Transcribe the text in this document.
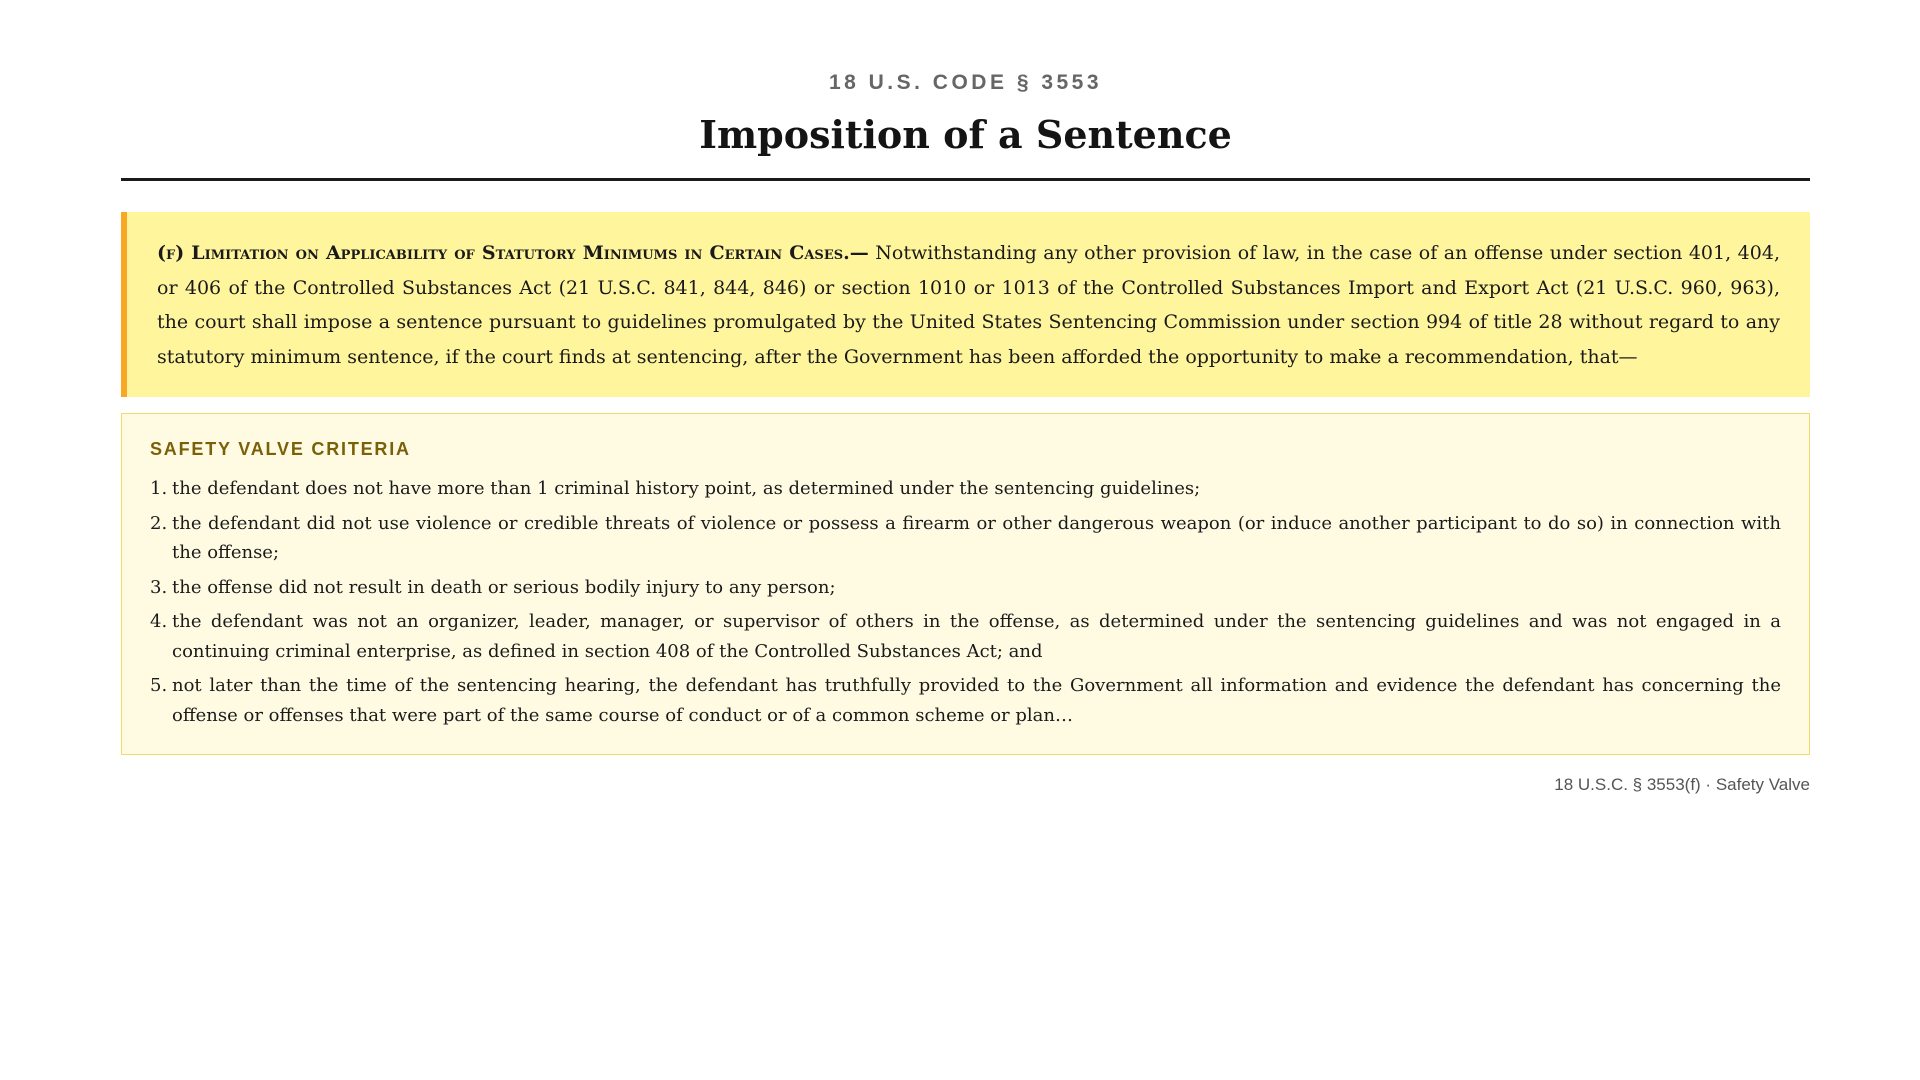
18 U.S. CODE § 3553
Imposition of a Sentence

(f) Limitation on Applicability of Statutory Minimums in Certain Cases.— Notwithstanding any other provision of law, in the case of an offense under section 401, 404, or 406 of the Controlled Substances Act (21 U.S.C. 841, 844, 846) or section 1010 or 1013 of the Controlled Substances Import and Export Act (21 U.S.C. 960, 963), the court shall impose a sentence pursuant to guidelines promulgated by the United States Sentencing Commission under section 994 of title 28 without regard to any statutory minimum sentence, if the court finds at sentencing, after the Government has been afforded the opportunity to make a recommendation, that—

SAFETY VALVE CRITERIA
1. the defendant does not have more than 1 criminal history point, as determined under the sentencing guidelines;
2. the defendant did not use violence or credible threats of violence or possess a firearm or other dangerous weapon (or induce another participant to do so) in connection with the offense;
3. the offense did not result in death or serious bodily injury to any person;
4. the defendant was not an organizer, leader, manager, or supervisor of others in the offense, as determined under the sentencing guidelines and was not engaged in a continuing criminal enterprise, as defined in section 408 of the Controlled Substances Act; and
5. not later than the time of the sentencing hearing, the defendant has truthfully provided to the Government all information and evidence the defendant has concerning the offense or offenses that were part of the same course of conduct or of a common scheme or plan…
18 U.S.C. § 3553(f) · Safety Valve
